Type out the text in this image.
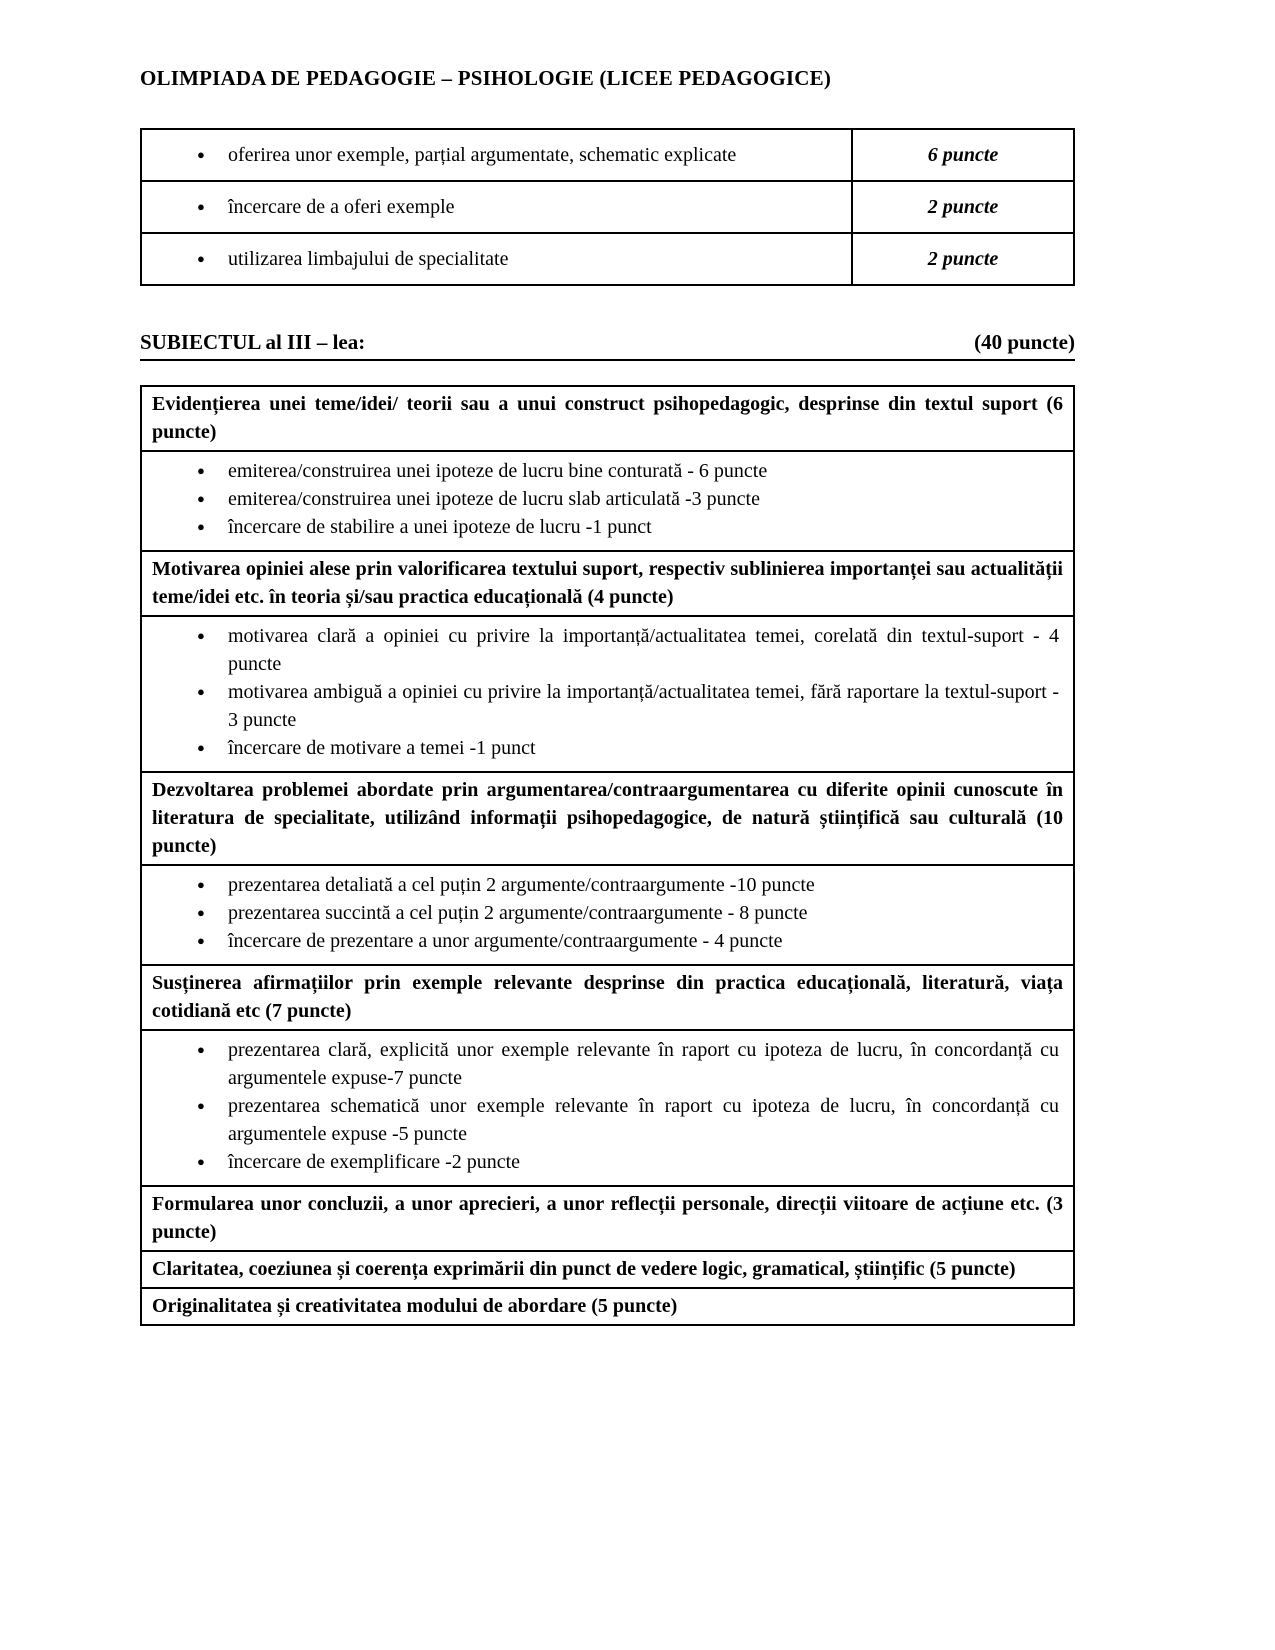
OLIMPIADA DE PEDAGOGIE – PSIHOLOGIE (LICEE PEDAGOGICE)
● oferirea unor exemple, parțial argumentate, schematic explicate	6 puncte

● încercare de a oferi exemple	2 puncte

● utilizarea limbajului de specialitate	2 puncte
SUBIECTUL al III – lea:	(40 puncte)
Evidențierea unei teme/idei/ teorii sau a unui construct psihopedagogic, desprinse din textul suport (6 puncte)

●	emiterea/construirea unei ipoteze de lucru bine conturată - 6 puncte
●	emiterea/construirea unei ipoteze de lucru slab articulată -3 puncte
●	încercare de stabilire a unei ipoteze de lucru -1 punct

Motivarea opiniei alese prin valorificarea textului suport, respectiv sublinierea importanței sau actualității teme/idei etc. în teoria și/sau practica educațională (4 puncte)

●	motivarea clară a opiniei cu privire la importanță/actualitatea temei, corelată din textul-suport - 4 puncte
●	motivarea ambiguă a opiniei cu privire la importanță/actualitatea temei, fără raportare la textul-suport - 3 puncte
●	încercare de motivare a temei -1 punct

Dezvoltarea problemei abordate prin argumentarea/contraargumentarea cu diferite opinii cunoscute în literatura de specialitate, utilizând informații psihopedagogice, de natură științifică sau culturală (10 puncte)

●	prezentarea detaliată a cel puțin 2 argumente/contraargumente -10 puncte
●	prezentarea succintă a cel puțin 2 argumente/contraargumente - 8 puncte
●	încercare de prezentare a unor argumente/contraargumente - 4 puncte

Susținerea afirmațiilor prin exemple relevante desprinse din practica educațională, literatură, viața cotidiană etc (7 puncte)

●	prezentarea clară, explicită unor exemple relevante în raport cu ipoteza de lucru, în concordanță cu argumentele expuse-7 puncte
●	prezentarea schematică unor exemple relevante în raport cu ipoteza de lucru, în concordanță cu argumentele expuse -5 puncte
●	încercare de exemplificare -2 puncte

Formularea unor concluzii, a unor aprecieri, a unor reflecții personale, direcții viitoare de acțiune etc. (3 puncte)
Claritatea, coeziunea și coerența exprimării din punct de vedere logic, gramatical, științific (5 puncte)
Originalitatea și creativitatea modului de abordare (5 puncte)
